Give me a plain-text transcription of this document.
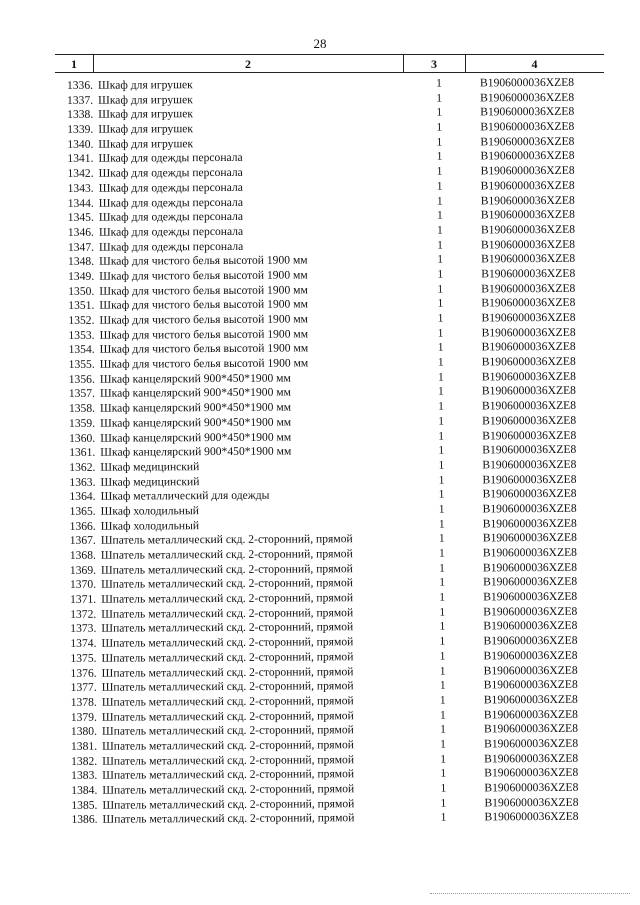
28
1	2	3	4
1336. Шкаф для игрушек	1	B1906000036XZE8
1337. Шкаф для игрушек	1	B1906000036XZE8
1338. Шкаф для игрушек	1	B1906000036XZE8
1339. Шкаф для игрушек	1	B1906000036XZE8
1340. Шкаф для игрушек	1	B1906000036XZE8
1341. Шкаф для одежды персонала	1	B1906000036XZE8
1342. Шкаф для одежды персонала	1	B1906000036XZE8
1343. Шкаф для одежды персонала	1	B1906000036XZE8
1344. Шкаф для одежды персонала	1	B1906000036XZE8
1345. Шкаф для одежды персонала	1	B1906000036XZE8
1346. Шкаф для одежды персонала	1	B1906000036XZE8
1347. Шкаф для одежды персонала	1	B1906000036XZE8
1348. Шкаф для чистого белья высотой 1900 мм	1	B1906000036XZE8
1349. Шкаф для чистого белья высотой 1900 мм	1	B1906000036XZE8
1350. Шкаф для чистого белья высотой 1900 мм	1	B1906000036XZE8
1351. Шкаф для чистого белья высотой 1900 мм	1	B1906000036XZE8
1352. Шкаф для чистого белья высотой 1900 мм	1	B1906000036XZE8
1353. Шкаф для чистого белья высотой 1900 мм	1	B1906000036XZE8
1354. Шкаф для чистого белья высотой 1900 мм	1	B1906000036XZE8
1355. Шкаф для чистого белья высотой 1900 мм	1	B1906000036XZE8
1356. Шкаф канцелярский 900*450*1900 мм	1	B1906000036XZE8
1357. Шкаф канцелярский 900*450*1900 мм	1	B1906000036XZE8
1358. Шкаф канцелярский 900*450*1900 мм	1	B1906000036XZE8
1359. Шкаф канцелярский 900*450*1900 мм	1	B1906000036XZE8
1360. Шкаф канцелярский 900*450*1900 мм	1	B1906000036XZE8
1361. Шкаф канцелярский 900*450*1900 мм	1	B1906000036XZE8
1362. Шкаф медицинский	1	B1906000036XZE8
1363. Шкаф медицинский	1	B1906000036XZE8
1364. Шкаф металлический для одежды	1	B1906000036XZE8
1365. Шкаф холодильный	1	B1906000036XZE8
1366. Шкаф холодильный	1	B1906000036XZE8
1367. Шпатель металлический скд. 2-сторонний, прямой	1	B1906000036XZE8
1368. Шпатель металлический скд. 2-сторонний, прямой	1	B1906000036XZE8
1369. Шпатель металлический скд. 2-сторонний, прямой	1	B1906000036XZE8
1370. Шпатель металлический скд. 2-сторонний, прямой	1	B1906000036XZE8
1371. Шпатель металлический скд. 2-сторонний, прямой	1	B1906000036XZE8
1372. Шпатель металлический скд. 2-сторонний, прямой	1	B1906000036XZE8
1373. Шпатель металлический скд. 2-сторонний, прямой	1	B1906000036XZE8
1374. Шпатель металлический скд. 2-сторонний, прямой	1	B1906000036XZE8
1375. Шпатель металлический скд. 2-сторонний, прямой	1	B1906000036XZE8
1376. Шпатель металлический скд. 2-сторонний, прямой	1	B1906000036XZE8
1377. Шпатель металлический скд. 2-сторонний, прямой	1	B1906000036XZE8
1378. Шпатель металлический скд. 2-сторонний, прямой	1	B1906000036XZE8
1379. Шпатель металлический скд. 2-сторонний, прямой	1	B1906000036XZE8
1380. Шпатель металлический скд. 2-сторонний, прямой	1	B1906000036XZE8
1381. Шпатель металлический скд. 2-сторонний, прямой	1	B1906000036XZE8
1382. Шпатель металлический скд. 2-сторонний, прямой	1	B1906000036XZE8
1383. Шпатель металлический скд. 2-сторонний, прямой	1	B1906000036XZE8
1384. Шпатель металлический скд. 2-сторонний, прямой	1	B1906000036XZE8
1385. Шпатель металлический скд. 2-сторонний, прямой	1	B1906000036XZE8
1386. Шпатель металлический скд. 2-сторонний, прямой	1	B1906000036XZE8
